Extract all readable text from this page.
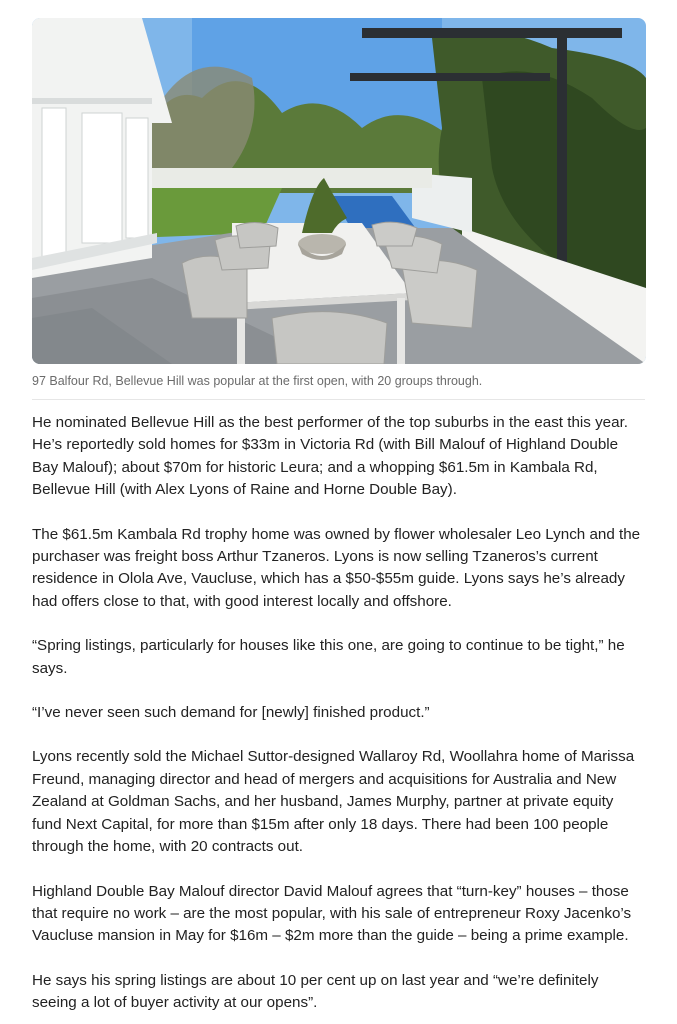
97 Balfour Rd, Bellevue Hill was popular at the first open, with 20 groups through.

He nominated Bellevue Hill as the best performer of the top suburbs in the east this year. He’s reportedly sold homes for $33m in Victoria Rd (with Bill Malouf of Highland Double Bay Malouf); about $70m for historic Leura; and a whopping $61.5m in Kambala Rd, Bellevue Hill (with Alex Lyons of Raine and Horne Double Bay).

The $61.5m Kambala Rd trophy home was owned by flower wholesaler Leo Lynch and the purchaser was freight boss Arthur Tzaneros. Lyons is now selling Tzaneros’s current residence in Olola Ave, Vaucluse, which has a $50-$55m guide. Lyons says he’s already had offers close to that, with good interest locally and offshore.

“Spring listings, particularly for houses like this one, are going to continue to be tight,” he says.

“I’ve never seen such demand for [newly] finished product.”

Lyons recently sold the Michael Suttor-designed Wallaroy Rd, Woollahra home of Marissa Freund, managing director and head of mergers and acquisitions for Australia and New Zealand at Goldman Sachs, and her husband, James Murphy, partner at private equity fund Next Capital, for more than $15m after only 18 days. There had been 100 people through the home, with 20 contracts out.

Highland Double Bay Malouf director David Malouf agrees that “turn-key” houses – those that require no work – are the most popular, with his sale of entrepreneur Roxy Jacenko’s Vaucluse mansion in May for $16m – $2m more than the guide – being a prime example.

He says his spring listings are about 10 per cent up on last year and “we’re definitely seeing a lot of buyer activity at our opens”.
